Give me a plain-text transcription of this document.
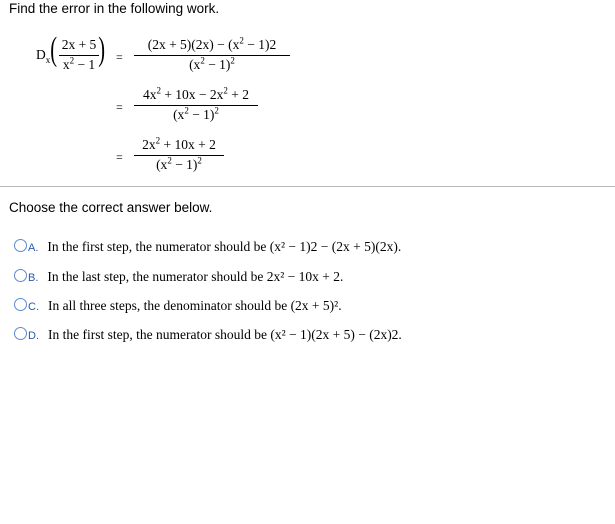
Find the error in the following work.
$D_x$ ( 2x + 5
$x^2 - 1$ ) =
$(2x + 5)(2x) - (x^2 - 1)2$
$(x^2 - 1)^2$
=
$4x^2 + 10x - 2x^2 + 2$
$(x^2 - 1)^2$
=
$2x^2 + 10x + 2$
$(x^2 - 1)^2$
Choose the correct answer below.
A. In the first step, the numerator should be (x² − 1)2 − (2x + 5)(2x).
B. In the last step, the numerator should be 2x² − 10x + 2.
C. In all three steps, the denominator should be (2x + 5)².
D. In the first step, the numerator should be (x² − 1)(2x + 5) − (2x)2.
